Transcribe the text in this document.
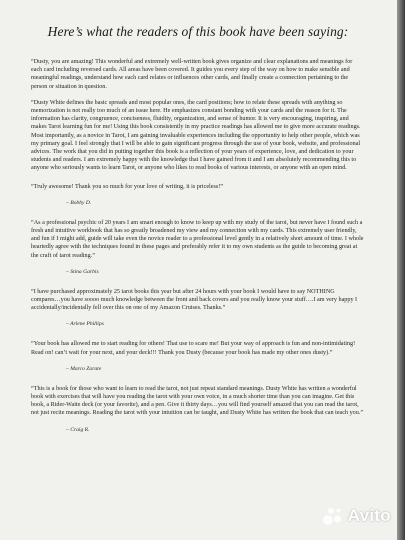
Here’s what the readers of this book have been saying:

“Dusty, you are amazing! This wonderful and extremely well-written book gives organize and clear explanations and meanings for each card including reversed cards. All areas have been covered. It guides you every step of the way on how to make sensible and meaningful readings, understand how each card relates or influences other cards, and finally create a connection pertaining to the person or situation in question.

“Dusty White defines the basic spreads and most popular ones, the card positions; how to relate these spreads with anything so memorization is not really too much of an issue here. He emphasizes constant bonding with your cards and the reason for it. The information has clarity, congruence, conciseness, fluidity, organization, and sense of humor. It is very encouraging, inspiring, and makes Tarot learning fun for me! Using this book consistently in my practice readings has allowed me to give more accurate readings. Most importantly, as a novice in Tarot, I am gaining invaluable experiences including the opportunity to help other people, which was my primary goal. I feel strongly that I will be able to gain significant progress through the use of your book, website, and professional advices. The work that you did in putting together this book is a reflection of your years of experience, love, and dedication to your students and readers. I am extremely happy with the knowledge that I have gained from it and I am absolutely recommending this to anyone who seriously wants to learn Tarot, or anyone who likes to read books of various interests, or anyone with an open mind.

“Truly awesome! Thank you so much for your love of writing, it is priceless!”

– Bobby D.

“As a professional psychic of 20 years I am smart enough to know to keep up with my study of the tarot, but never have I found such a fresh and intuitive workbook that has so greatly broadened my view and my connection with my cards. This extremely user friendly, and fun if I might add, guide will take even the novice reader to a professional level gently in a relatively short amount of time. I whole heartedly agree with the techniques found in these pages and preferably refer it to my own students as the guide to becoming great at the craft of tarot reading.”

– Stina Garbis

“I have purchased approximately 25 tarot books this year but after 24 hours with your book I would have to say NOTHING compares…you have soooo much knowledge between the front and back covers and you really know your stuff….I am very happy I accidentally/incidentally fell over this on one of my Amazon Cruises. Thanks.”

– Arlene Phillips

“Your book has allowed me to start reading for others! That use to scare me! But your way of approach is fun and non-intimidating! Read on! can’t wait for your next, and your deck!!! Thank you Dusty (because your book has made my other ones dusty).”

– Marco Zarate

“This is a book for those who want to learn to read the tarot, not just repeat standard meanings. Dusty White has written a wonderful book with exercises that will have you reading the tarot with your own voice, in a much shorter time than you can imagine. Get this book, a Rider-Waite deck (or your favorite), and a pen. Give it thirty days…you will find yourself amazed that you can read the tarot, not just recite meanings. Reading the tarot with your intuition can be taught, and Dusty White has written the book that can teach you.”

– Craig R.

Avito
